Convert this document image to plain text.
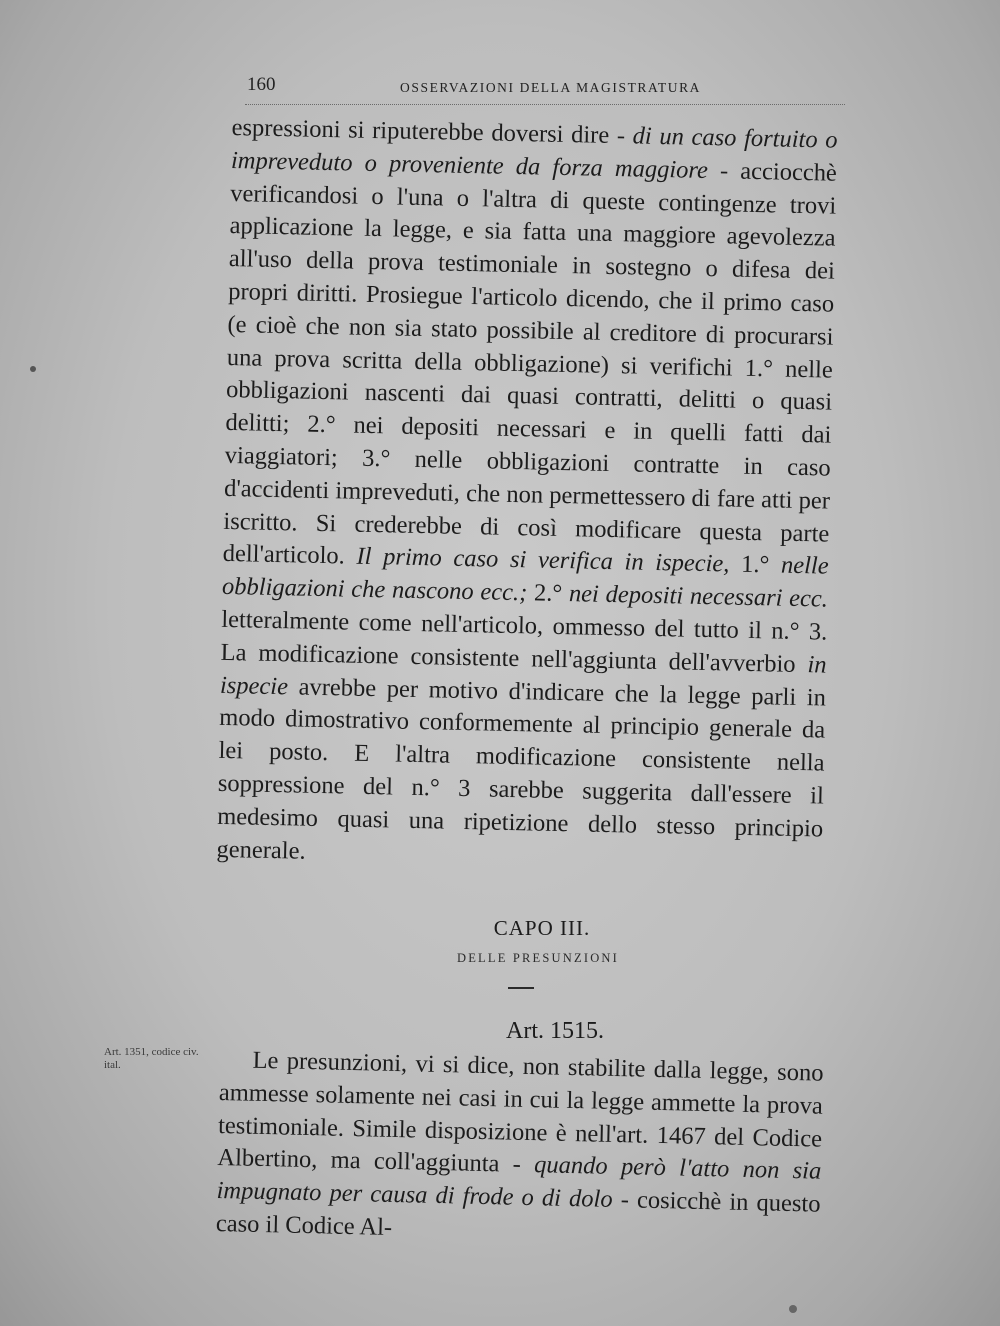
160	OSSERVAZIONI DELLA MAGISTRATURA

espressioni si riputerebbe doversi dire - di un caso fortuito o impreveduto o proveniente da forza maggiore - acciocchè verificandosi o l'una o l'altra di queste contingenze trovi applicazione la legge, e sia fatta una maggiore agevolezza all'uso della prova testimoniale in sostegno o difesa dei propri diritti. Prosiegue l'articolo dicendo, che il primo caso (e cioè che non sia stato possibile al creditore di procurarsi una prova scritta della obbligazione) si verifichi 1.° nelle obbligazioni nascenti dai quasi contratti, delitti o quasi delitti; 2.° nei depositi necessari e in quelli fatti dai viaggiatori; 3.° nelle obbligazioni contratte in caso d'accidenti impreveduti, che non permettessero di fare atti per iscritto. Si crederebbe di così modificare questa parte dell'articolo. Il primo caso si verifica in ispecie, 1.° nelle obbligazioni che nascono ecc.; 2.° nei depositi necessari ecc. letteralmente come nell'articolo, ommesso del tutto il n.° 3. La modificazione consistente nell'aggiunta dell'avverbio in ispecie avrebbe per motivo d'indicare che la legge parli in modo dimostrativo conformemente al principio generale da lei posto. E l'altra modificazione consistente nella soppressione del n.° 3 sarebbe suggerita dall'essere il medesimo quasi una ripetizione dello stesso principio generale.

CAPO III.
DELLE PRESUNZIONI
Art. 1515.
Art. 1351, codice civ. ital.	Le presunzioni, vi si dice, non stabilite dalla legge, sono ammesse solamente nei casi in cui la legge ammette la prova testimoniale. Simile disposizione è nell'art. 1467 del Codice Albertino, ma coll'aggiunta - quando però l'atto non sia impugnato per causa di frode o di dolo - cosicchè in questo caso il Codice Al-
